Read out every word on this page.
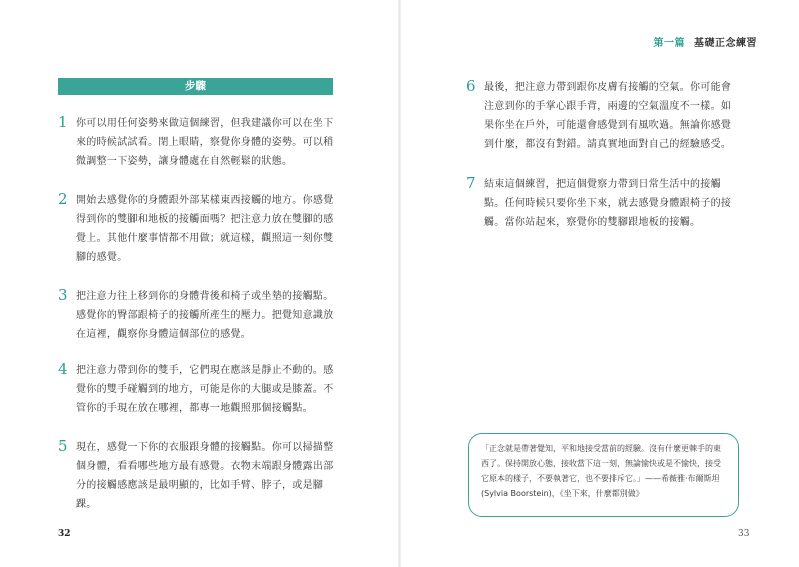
步驟
1 你可以用任何姿勢來做這個練習，但我建議你可以在坐下來的時候試試看。閉上眼睛，察覺你身體的姿勢。可以稍微調整一下姿勢，讓身體處在自然輕鬆的狀態。
2 開始去感覺你的身體跟外部某樣東西接觸的地方。你感覺得到你的雙腳和地板的接觸面嗎？把注意力放在雙腳的感覺上。其他什麼事情都不用做；就這樣，觀照這一刻你雙腳的感覺。
3 把注意力往上移到你的身體背後和椅子或坐墊的接觸點。感覺你的臀部跟椅子的接觸所產生的壓力。把覺知意識放在這裡，觀察你身體這個部位的感覺。
4 把注意力帶到你的雙手，它們現在應該是靜止不動的。感覺你的雙手碰觸到的地方，可能是你的大腿或是膝蓋。不管你的手現在放在哪裡，都專一地觀照那個接觸點。
5 現在，感覺一下你的衣服跟身體的接觸點。你可以掃描整個身體，看看哪些地方最有感覺。衣物末端跟身體露出部分的接觸感應該是最明顯的，比如手臂、脖子，或是腳踝。
32
第一篇 基礎正念練習
6 最後，把注意力帶到跟你皮膚有接觸的空氣。你可能會注意到你的手掌心跟手背，兩邊的空氣溫度不一樣。如果你坐在戶外，可能還會感覺到有風吹過。無論你感覺到什麼，都沒有對錯。請真實地面對自己的經驗感受。
7 結束這個練習，把這個覺察力帶到日常生活中的接觸點。任何時候只要你坐下來，就去感覺身體跟椅子的接觸。當你站起來，察覺你的雙腳跟地板的接觸。
「正念就是帶著覺知，平和地接受當前的經驗。沒有什麼更棘手的東西了。保持開放心態，接收當下這一刻，無論愉快或是不愉快，接受它原本的樣子，不要執著它，也不要排斥它。」——希薇雅·布爾斯坦 (Sylvia Boorstein)，《坐下來，什麼都別做》
33
